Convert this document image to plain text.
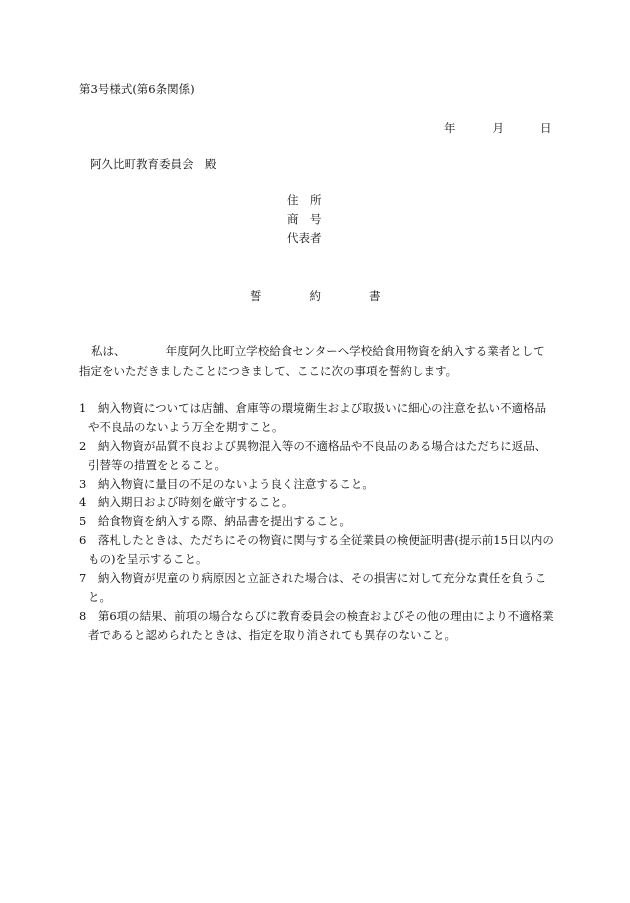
第3号様式(第6条関係)
年	月	日
阿久比町教育委員会　殿
住　所
商　号
代表者
誓	約	書
私は、　　　　年度阿久比町立学校給食センターへ学校給食用物資を納入する業者として
指定をいただきましたことにつきまして、ここに次の事項を誓約します。
1　納入物資については店舗、倉庫等の環境衛生および取扱いに細心の注意を払い不適格品
や不良品のないよう万全を期すこと。
2　納入物資が品質不良および異物混入等の不適格品や不良品のある場合はただちに返品、
引替等の措置をとること。
3　納入物資に量目の不足のないよう良く注意すること。
4　納入期日および時刻を厳守すること。
5　給食物資を納入する際、納品書を提出すること。
6　落札したときは、ただちにその物資に関与する全従業員の検便証明書(提示前15日以内の
もの)を呈示すること。
7　納入物資が児童のり病原因と立証された場合は、その損害に対して充分な責任を負うこ
と。
8　第6項の結果、前項の場合ならびに教育委員会の検査およびその他の理由により不適格業
者であると認められたときは、指定を取り消されても異存のないこと。
